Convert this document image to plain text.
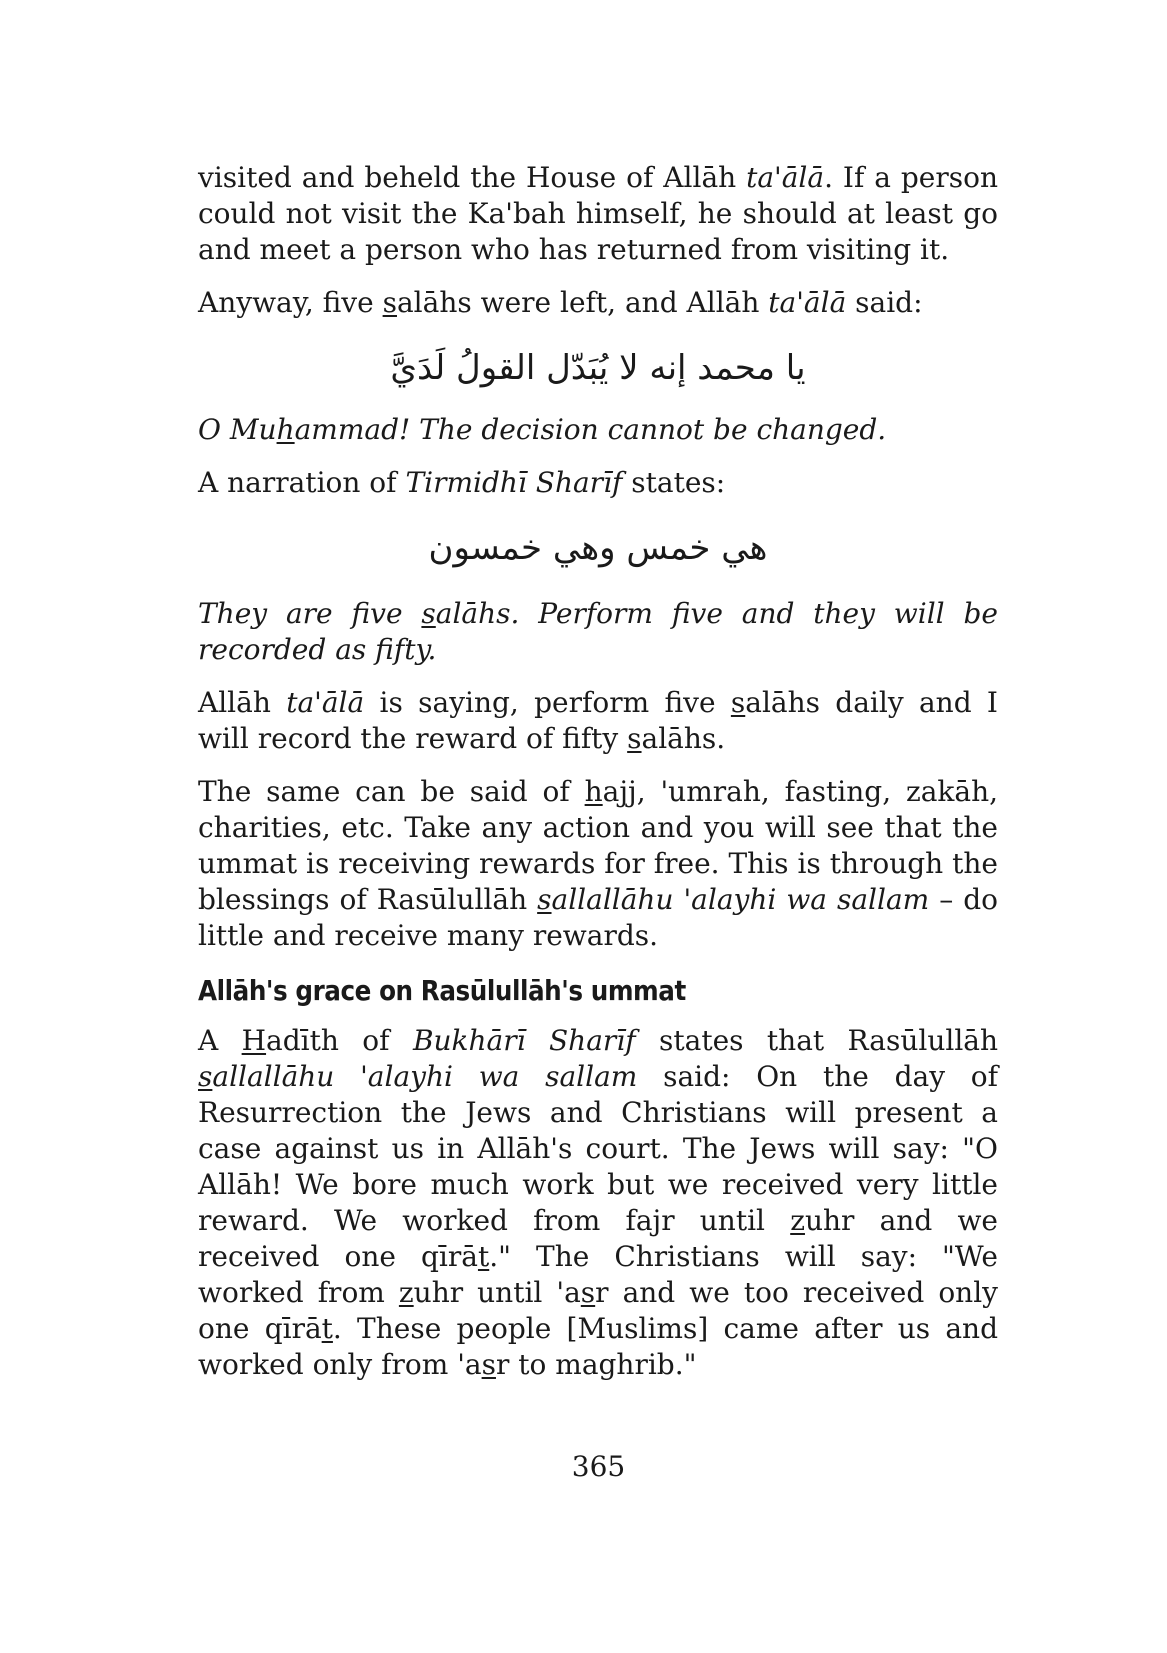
visited and beheld the House of Allāh ta'ālā. If a person could not visit the Ka'bah himself, he should at least go and meet a person who has returned from visiting it.

Anyway, five salāhs were left, and Allāh ta'ālā said:

يا محمد إنه لا يُبَدّل القولُ لَدَيَّ

O Muhammad! The decision cannot be changed.

A narration of Tirmidhī Sharīf states:

هي خمس وهي خمسون

They are five salāhs. Perform five and they will be recorded as fifty.

Allāh ta'ālā is saying, perform five salāhs daily and I will record the reward of fifty salāhs.

The same can be said of hajj, 'umrah, fasting, zakāh, charities, etc. Take any action and you will see that the ummat is receiving rewards for free. This is through the blessings of Rasūlullāh sallallāhu 'alayhi wa sallam – do little and receive many rewards.

Allāh's grace on Rasūlullāh's ummat

A Hadīth of Bukhārī Sharīf states that Rasūlullāh sallallāhu 'alayhi wa sallam said: On the day of Resurrection the Jews and Christians will present a case against us in Allāh's court. The Jews will say: "O Allāh! We bore much work but we received very little reward. We worked from fajr until zuhr and we received one qīrāt." The Christians will say: "We worked from zuhr until 'asr and we too received only one qīrāt. These people [Muslims] came after us and worked only from 'asr to maghrib."

365
